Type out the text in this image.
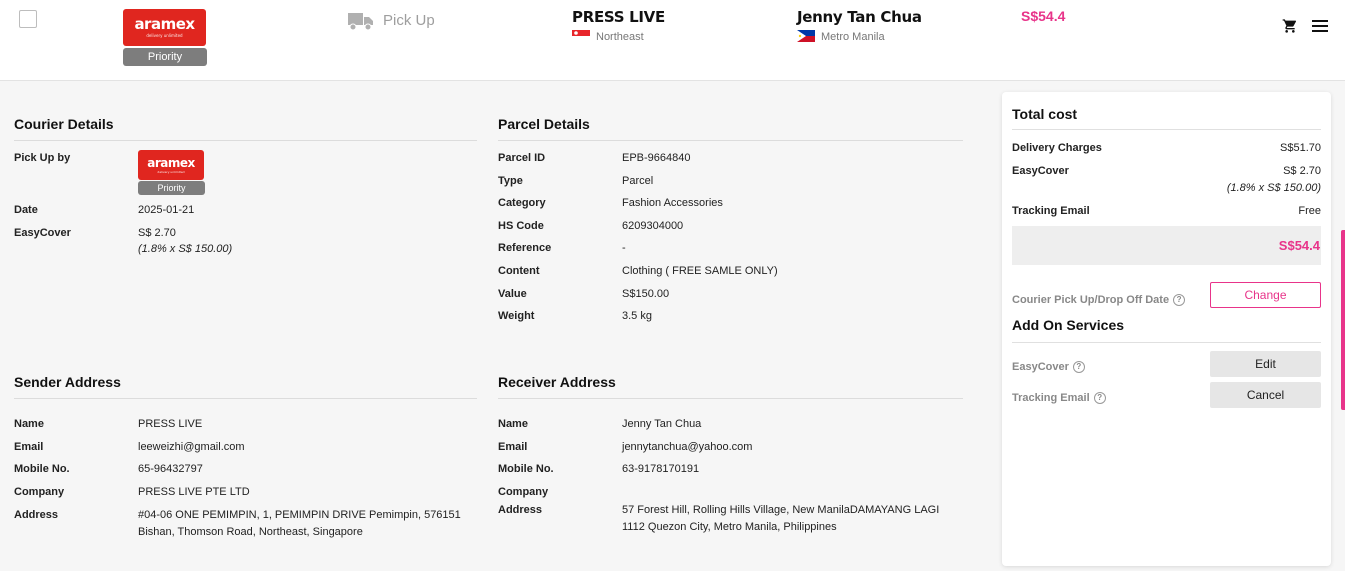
aramex
delivery unlimited
Priority
Pick Up	PRESS LIVE
Northeast
Jenny Tan Chua
Metro Manila
S$54.4
Courier Details
Pick Up by	aramex
delivery unlimited
Priority
Date	2025-01-21
EasyCover	S$ 2.70
(1.8% x S$ 150.00)
Parcel Details
Parcel ID	EPB-9664840
Type	Parcel
Category	Fashion Accessories
HS Code	6209304000
Reference	-
Content	Clothing ( FREE SAMLE ONLY)
Value	S$150.00
Weight	3.5 kg
Sender Address
Name	PRESS LIVE
Email	leeweizhi@gmail.com
Mobile No.	65-96432797
Company	PRESS LIVE PTE LTD
Address	#04-06 ONE PEMIMPIN, 1, PEMIMPIN DRIVE Pemimpin, 576151
Bishan, Thomson Road, Northeast, Singapore
Receiver Address
Name	Jenny Tan Chua
Email	jennytanchua@yahoo.com
Mobile No.	63-9178170191
Company
Address	57 Forest Hill, Rolling Hills Village, New ManilaDAMAYANG LAGI
1112 Quezon City, Metro Manila, Philippines
Total cost
Delivery Charges	S$51.70
EasyCover	S$ 2.70
(1.8% x S$ 150.00)
Tracking Email	Free
S$54.4
Courier Pick Up/Drop Off Date ?	Change
Add On Services
EasyCover ?	Edit
Tracking Email ?	Cancel
